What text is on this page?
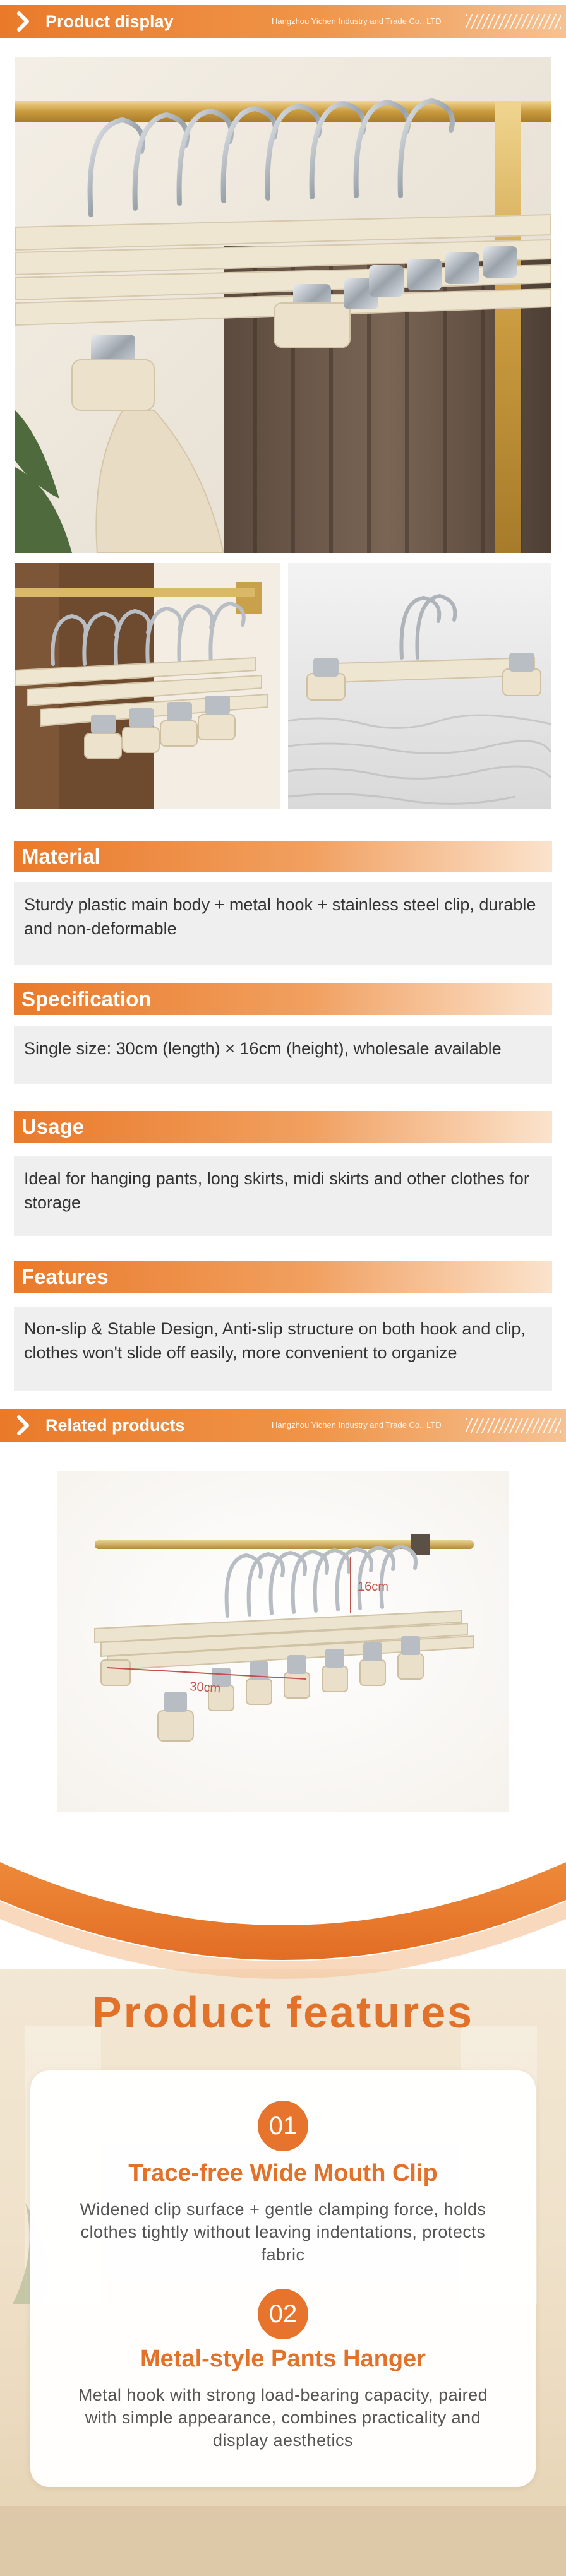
Product display	Hangzhou Yichen Industry and Trade Co., LTD
Material
Sturdy plastic main body + metal hook + stainless steel clip, durable and non-deformable
Specification
Single size: 30cm (length) × 16cm (height), wholesale available
Usage
Ideal for hanging pants, long skirts, midi skirts and other clothes for storage
Features
Non-slip & Stable Design, Anti-slip structure on both hook and clip, clothes won't slide off easily, more convenient to organize
Related products	Hangzhou Yichen Industry and Trade Co., LTD
16cm
30cm
Product features
01
Trace-free Wide Mouth Clip
Widened clip surface + gentle clamping force, holds clothes tightly without leaving indentations, protects fabric
02
Metal-style Pants Hanger
Metal hook with strong load-bearing capacity, paired with simple appearance, combines practicality and display aesthetics
